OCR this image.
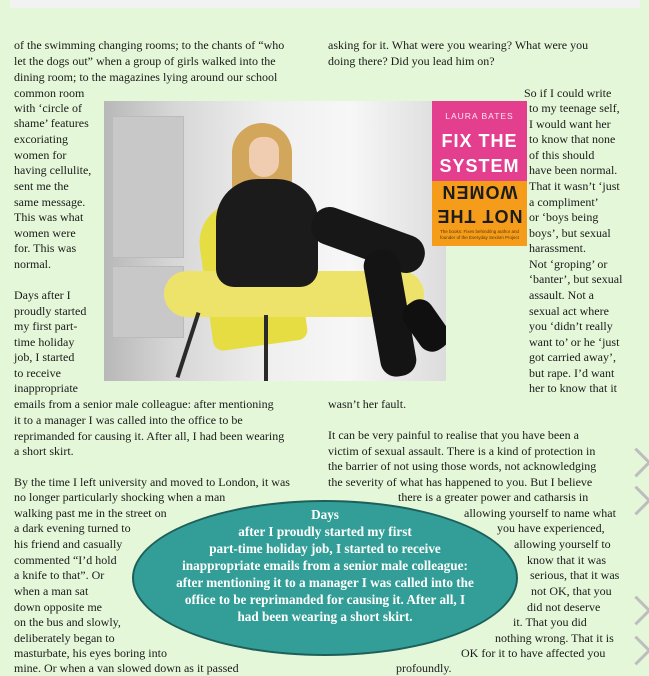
LAURA BATES
FIX THE
SYSTEM
WOMEN
NOT THE
The books: Fixes behind/ing author and founder of the Everyday Sexism Project
of the swimming changing rooms; to the chants of “who
let the dogs out” when a group of girls walked into the
dining room; to the magazines lying around our school
common room
with ‘circle of
shame’ features
excoriating
women for
having cellulite,
sent me the
same message.
This was what
women were
for. This was
normal.
Days after I
proudly started
my first part-
time holiday
job, I started
to receive
inappropriate
emails from a senior male colleague: after mentioning
it to a manager I was called into the office to be
reprimanded for causing it. After all, I had been wearing
a short skirt.
By the time I left university and moved to London, it was
no longer particularly shocking when a man
walking past me in the street on
a dark evening turned to
his friend and casually
commented “I’d hold
a knife to that”. Or
when a man sat
down opposite me
on the bus and slowly,
deliberately began to
masturbate, his eyes boring into
mine. Or when a van slowed down as it passed
asking for it. What were you wearing? What were you
doing there? Did you lead him on?
So if I could write
to my teenage self,
I would want her
to know that none
of this should
have been normal.
That it wasn’t ‘just
a compliment’
or ‘boys being
boys’, but sexual
harassment.
Not ‘groping’ or
‘banter’, but sexual
assault. Not a
sexual act where
you ‘didn’t really
want to’ or he ‘just
got carried away’,
but rape. I’d want
her to know that it
wasn’t her fault.
It can be very painful to realise that you have been a
victim of sexual assault. There is a kind of protection in
the barrier of not using those words, not acknowledging
the severity of what has happened to you. But I believe
there is a greater power and catharsis in
allowing yourself to name what
you have experienced,
allowing yourself to
know that it was
serious, that it was
not OK, that you
did not deserve
it. That you did
nothing wrong. That it is
OK for it to have affected you
profoundly.
Days
after I proudly started my first
part-time holiday job, I started to receive
inappropriate emails from a senior male colleague:
after mentioning it to a manager I was called into the
office to be reprimanded for causing it. After all, I
had been wearing a short skirt.
